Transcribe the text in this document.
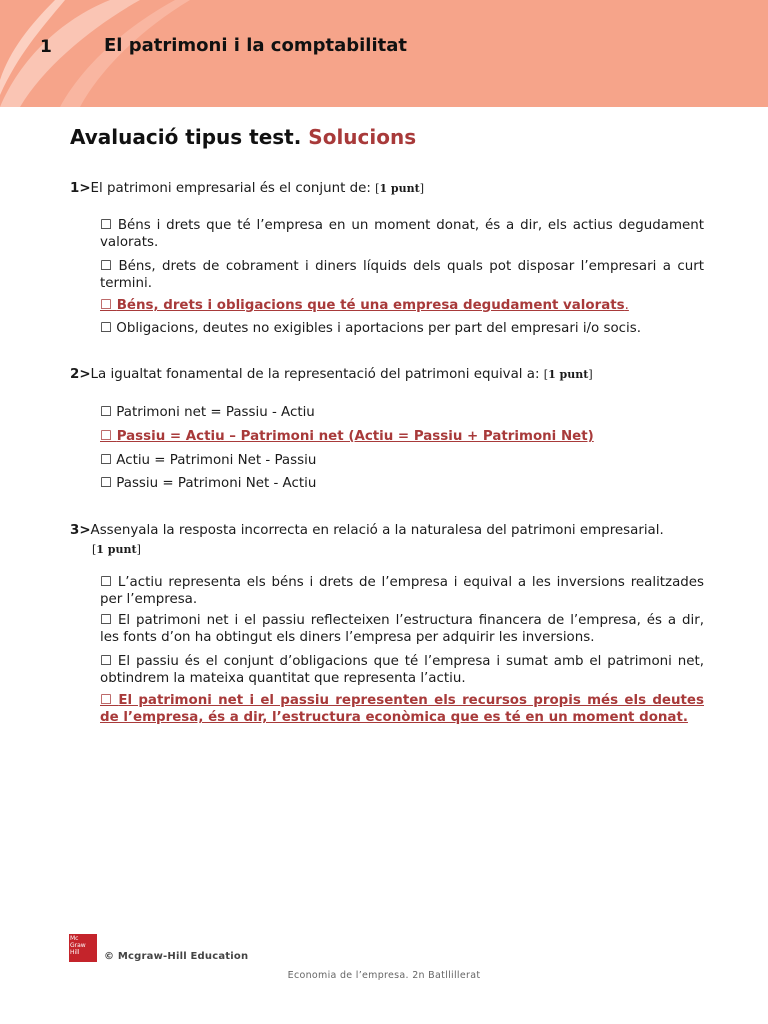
1	El patrimoni i la comptabilitat
Avaluació tipus test. Solucions
1>El patrimoni empresarial és el conjunt de: [1 punt]
☐ Béns i drets que té l’empresa en un moment donat, és a dir, els actius degudament valorats.
☐ Béns, drets de cobrament i diners líquids dels quals pot disposar l’empresari a curt termini.
☐ Béns, drets i obligacions que té una empresa degudament valorats.
☐ Obligacions, deutes no exigibles i aportacions per part del empresari i/o socis.
2>La igualtat fonamental de la representació del patrimoni equival a: [1 punt]
☐ Patrimoni net = Passiu - Actiu
☐ Passiu = Actiu – Patrimoni net (Actiu = Passiu + Patrimoni Net)
☐ Actiu = Patrimoni Net - Passiu
☐ Passiu = Patrimoni Net - Actiu
3>Assenyala la resposta incorrecta en relació a la naturalesa del patrimoni empresarial.
[1 punt]
☐ L’actiu representa els béns i drets de l’empresa i equival a les inversions realitzades per l’empresa.
☐ El patrimoni net i el passiu reflecteixen l’estructura financera de l’empresa, és a dir, les fonts d’on ha obtingut els diners l’empresa per adquirir les inversions.
☐ El passiu és el conjunt d’obligacions que té l’empresa i sumat amb el patrimoni net, obtindrem la mateixa quantitat que representa l’actiu.
☐ El patrimoni net i el passiu representen els recursos propis més els deutes de l’empresa, és a dir, l’estructura econòmica que es té en un moment donat.
Mc
Graw
Hill	© Mcgraw-Hill Education
Economia de l’empresa. 2n Batllillerat
